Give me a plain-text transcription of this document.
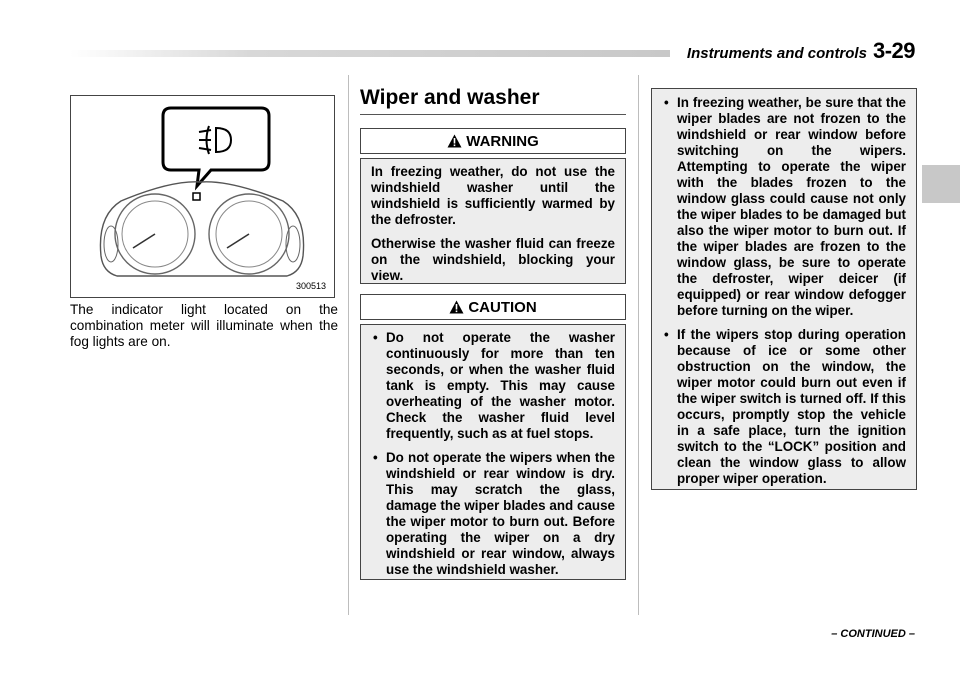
Instruments and controls 3-29
300513
The indicator light located on the combination meter will illuminate when the fog lights are on.
Wiper and washer
WARNING

In freezing weather, do not use the windshield washer until the windshield is sufficiently warmed by the defroster.

Otherwise the washer fluid can freeze on the windshield, blocking your view.

CAUTION
• Do not operate the washer continuously for more than ten seconds, or when the washer fluid tank is empty. This may cause overheating of the washer motor. Check the washer fluid level frequently, such as at fuel stops.
• Do not operate the wipers when the windshield or rear window is dry. This may scratch the glass, damage the wiper blades and cause the wiper motor to burn out. Before operating the wiper on a dry windshield or rear window, always use the windshield washer.
• In freezing weather, be sure that the wiper blades are not frozen to the windshield or rear window before switching on the wipers. Attempting to operate the wiper with the blades frozen to the window glass could cause not only the wiper blades to be damaged but also the wiper motor to burn out. If the wiper blades are frozen to the window glass, be sure to operate the defroster, wiper deicer (if equipped) or rear window defogger before turning on the wiper.
• If the wipers stop during operation because of ice or some other obstruction on the window, the wiper motor could burn out even if the wiper switch is turned off. If this occurs, promptly stop the vehicle in a safe place, turn the ignition switch to the “LOCK” position and clean the window glass to allow proper wiper operation.
– CONTINUED –
